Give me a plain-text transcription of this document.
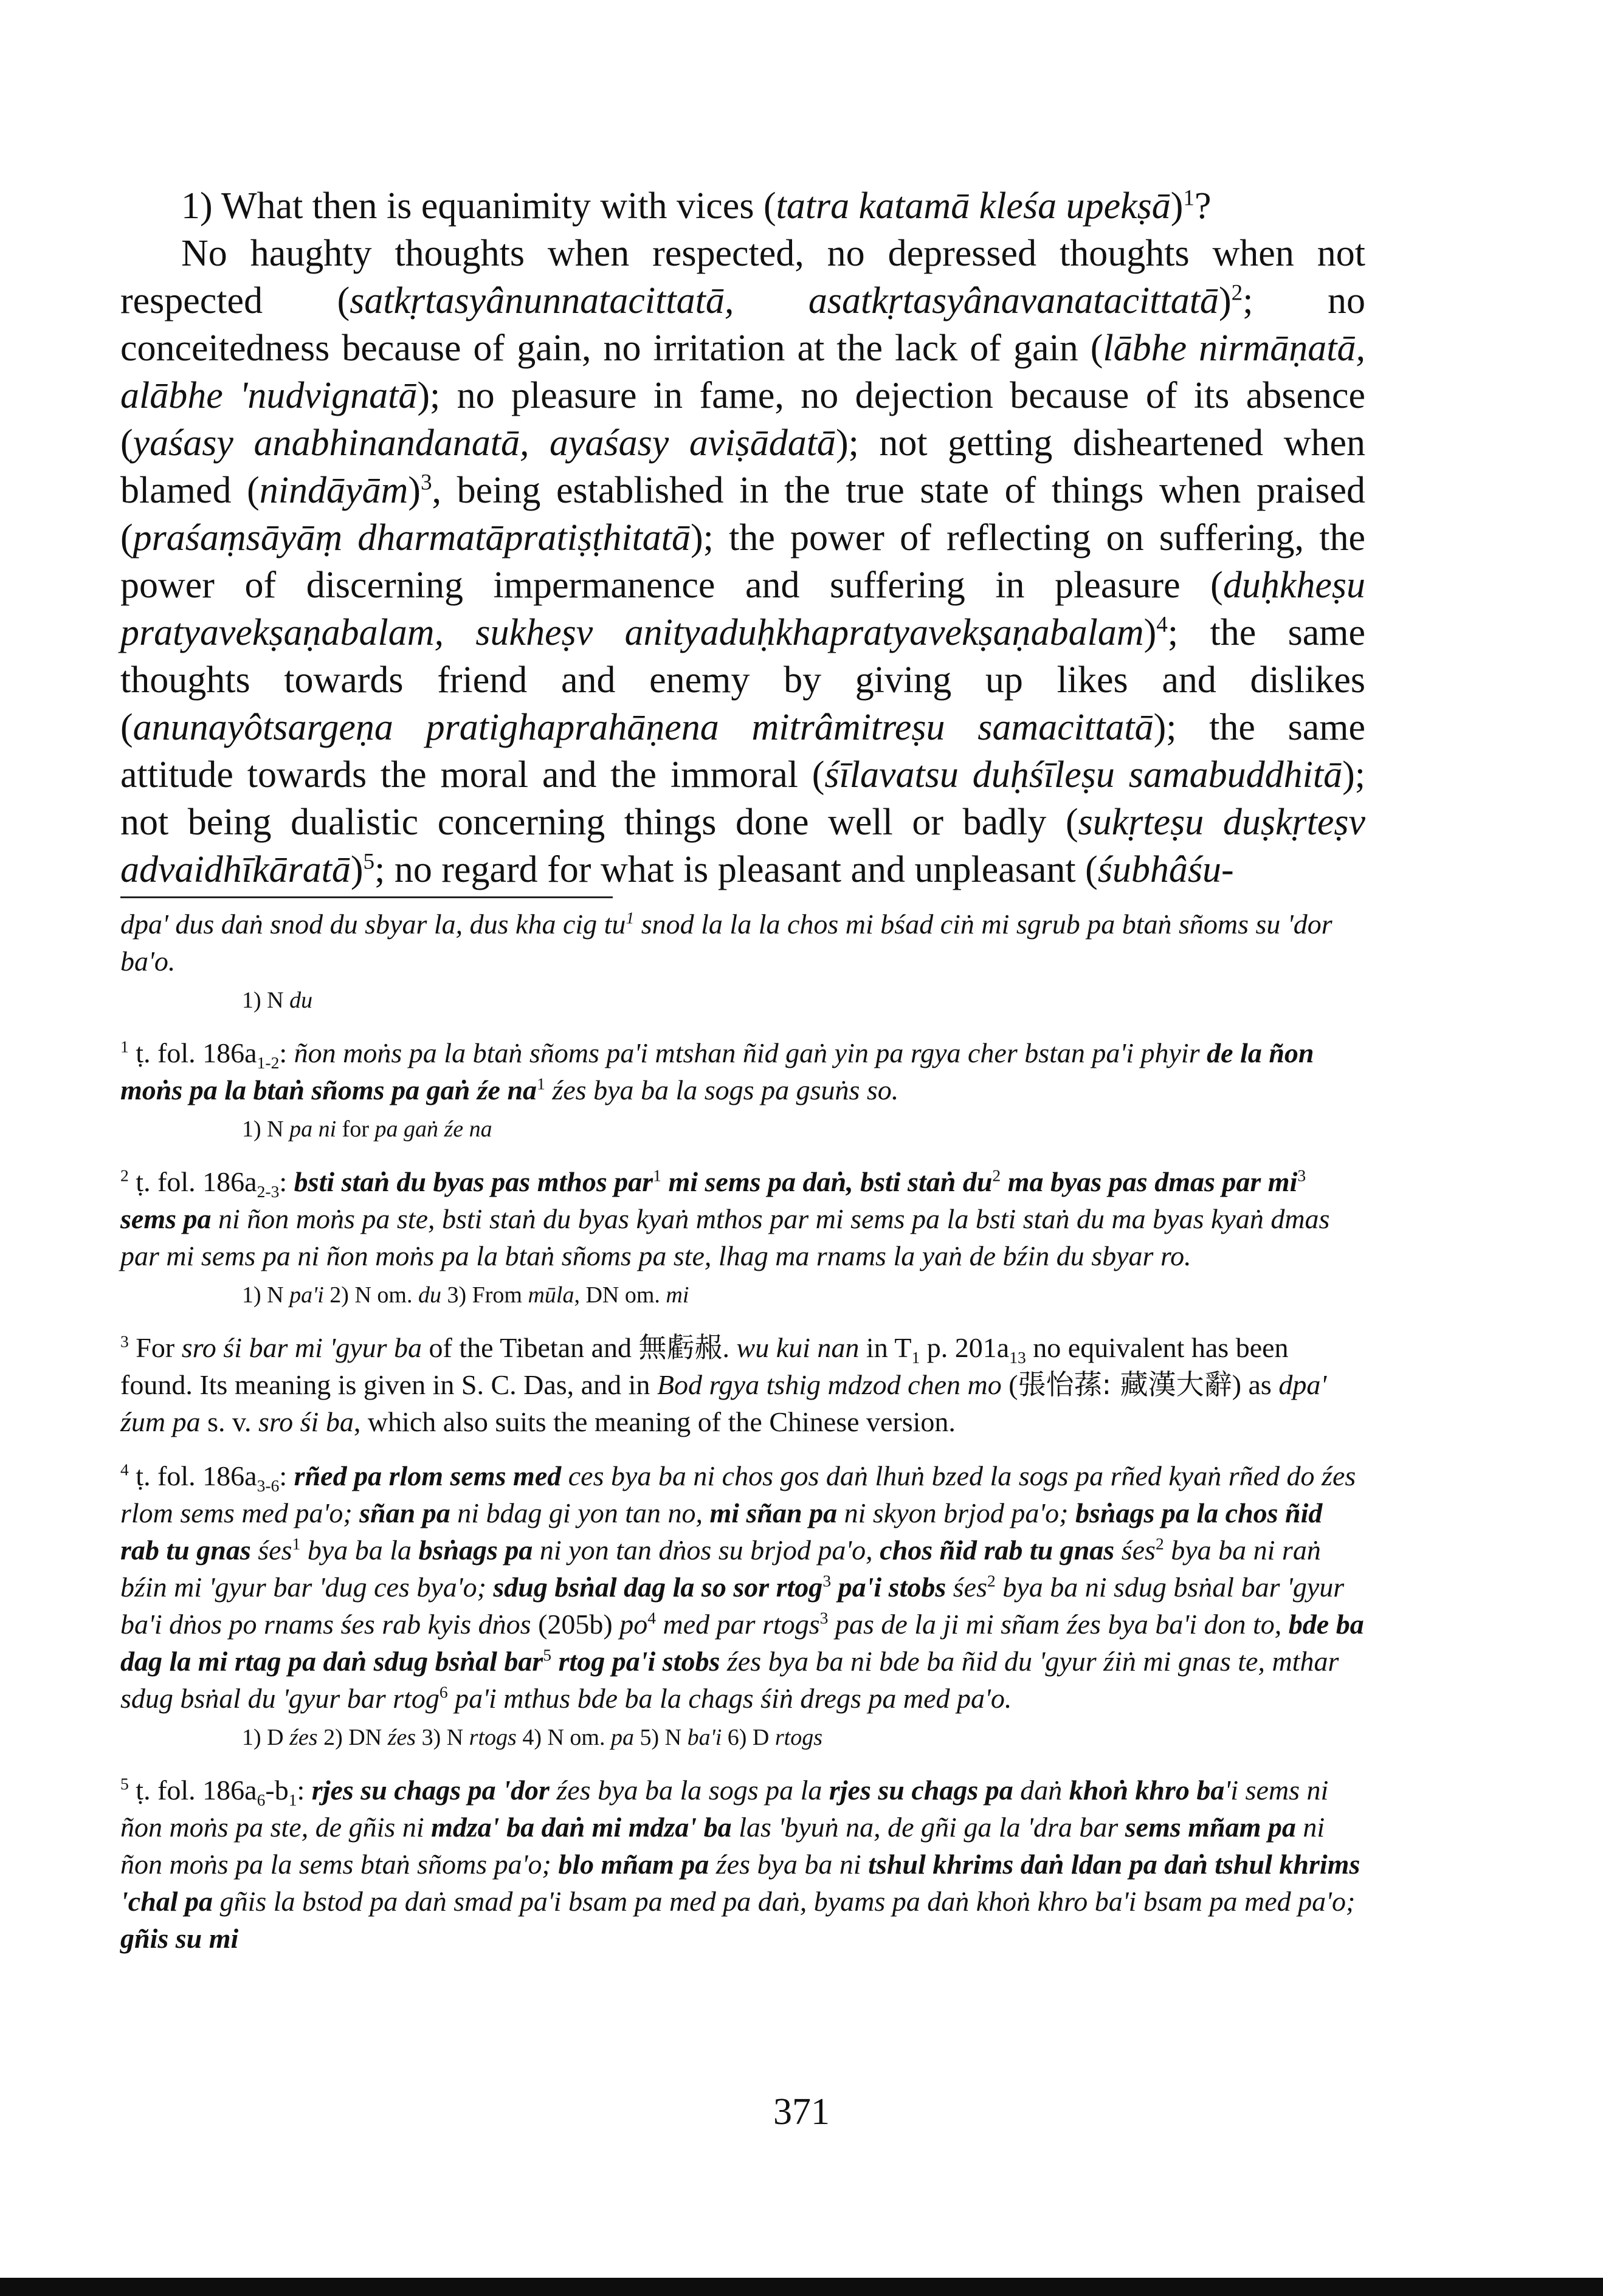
1) What then is equanimity with vices (tatra katamā kleśa upekṣā)$^1$?

No haughty thoughts when respected, no depressed thoughts when not respected (satkṛtasyânunnatacittatā, asatkṛtasyânavanatacittatā)$^2$; no conceitedness because of gain, no irritation at the lack of gain (lābhe nirmāṇatā, alābhe 'nudvignatā); no pleasure in fame, no dejection because of its absence (yaśasy anabhinandanatā, ayaśasy aviṣādatā); not getting disheartened when blamed (nindāyām)$^3$, being established in the true state of things when praised (praśaṃsāyāṃ dharmatāpratiṣṭhitatā); the power of reflecting on suffering, the power of discerning impermanence and suffering in pleasure (duḥkheṣu pratyavekṣaṇabalam, sukheṣv anityaduḥkhapratyavekṣaṇabalam)$^4$; the same thoughts towards friend and enemy by giving up likes and dislikes (anunayôtsargeṇa pratighaprahāṇena mitrâmitreṣu samacittatā); the same attitude towards the moral and the immoral (śīlavatsu duḥśīleṣu samabuddhitā); not being dualistic concerning things done well or badly (sukṛteṣu duṣkṛteṣv advaidhīkāratā)$^5$; no regard for what is pleasant and unpleasant (śubhâśu-

dpa' dus daṅ snod du sbyar la, dus kha cig $tu^1$ snod la la la chos mi bśad ciṅ mi sgrub pa btaṅ sñoms su 'dor ba'o.

1) N du

$^1$ ṭ. fol. $186a_{1-2}$: ñon moṅs pa la btaṅ sñoms pa'i mtshan ñid gaṅ yin pa rgya cher bstan pa'i phyir de la ñon moṅs pa la btaṅ sñoms pa gaṅ źe $na^1$ źes bya ba la sogs pa gsuṅs so.

1) N pa ni for pa gaṅ źe na

$^2$ ṭ. fol. $186a_{2-3}$: bsti staṅ du byas pas mthos par$^1$ mi sems pa daṅ, bsti staṅ $du^2$ ma byas pas dmas par $mi^3$ sems pa ni ñon moṅs pa ste, bsti staṅ du byas kyaṅ mthos par mi sems pa la bsti staṅ du ma byas kyaṅ dmas par mi sems pa ni ñon moṅs pa la btaṅ sñoms pa ste, lhag ma rnams la yaṅ de bźin du sbyar ro.

1) N pa'i 2) N om. du 3) From mūla, DN om. mi

$^3$ For sro śi bar mi 'gyur ba of the Tibetan and 無虧赧. wu kui nan in $T_1$ p. $201a_{13}$ no equivalent has been found. Its meaning is given in S. C. Das, and in Bod rgya tshig mdzod chen mo (張怡蓀: 藏漢大辭) as dpa' źum pa s. v. sro śi ba, which also suits the meaning of the Chinese version.

$^4$ ṭ. fol. $186a_{3-6}$: rñed pa rlom sems med ces bya ba ni chos gos daṅ lhuṅ bzed la sogs pa rñed kyaṅ rñed do źes rlom sems med pa'o; sñan pa ni bdag gi yon tan no, mi sñan pa ni skyon brjod pa'o; bsṅags pa la chos ñid rab tu gnas śes$^1$ bya ba la bsṅags pa ni yon tan dṅos su brjod pa'o, chos ñid rab tu gnas śes$^2$ bya ba ni raṅ bźin mi 'gyur bar 'dug ces bya'o; sdug bsṅal dag la so sor rtog$^3$ pa'i stobs śes$^2$ bya ba ni sdug bsṅal bar 'gyur ba'i dṅos po rnams śes rab kyis dṅos (205b) $po^4$ med par rtogs$^3$ pas de la ji mi sñam źes bya ba'i don to, bde ba dag la mi rtag pa daṅ sdug bsṅal bar$^5$ rtog pa'i stobs źes bya ba ni bde ba ñid du 'gyur źiṅ mi gnas te, mthar sdug bsṅal du 'gyur bar rtog$^6$ pa'i mthus bde ba la chags śiṅ dregs pa med pa'o.

1) D źes 2) DN źes 3) N rtogs 4) N om. pa 5) N ba'i 6) D rtogs

$^5$ ṭ. fol. $186a_6-b_1$: rjes su chags pa 'dor źes bya ba la sogs pa la rjes su chags pa daṅ khoṅ khro ba'i sems ni ñon moṅs pa ste, de gñis ni mdza' ba daṅ mi mdza' ba las 'byuṅ na, de gñi ga la 'dra bar sems mñam pa ni ñon moṅs pa la sems btaṅ sñoms pa'o; blo mñam pa źes bya ba ni tshul khrims daṅ ldan pa daṅ tshul khrims 'chal pa gñis la bstod pa daṅ smad pa'i bsam pa med pa daṅ, byams pa daṅ khoṅ khro ba'i bsam pa med pa'o; gñis su mi

371
